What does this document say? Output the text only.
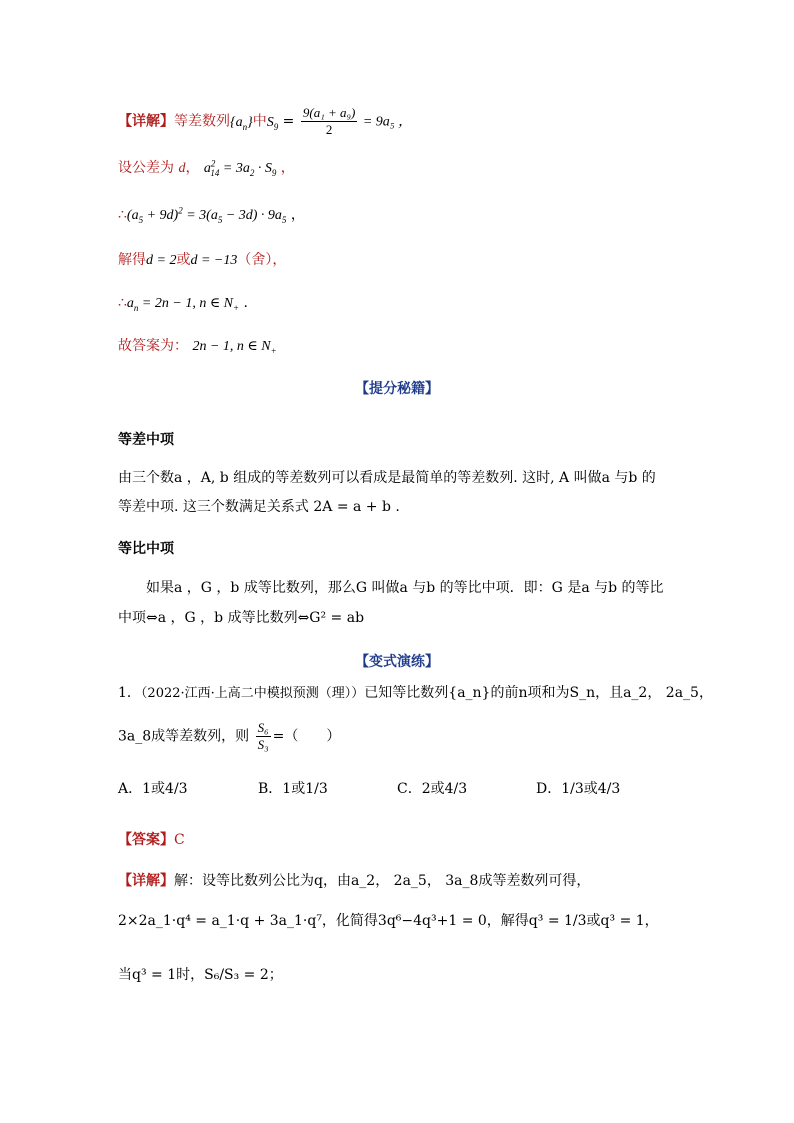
【详解】等差数列$\{a_n\}$中$S_9 = \frac{\text{9(a₁ + a₉)}}{2} = 9a_5$ ，
设公差为 d， $a^2_{14} = 3a_2 \cdot S_9$ ，
$\therefore(a_5 + 9d)^2 = 3(a_5 - 3d) \cdot 9a_5$ ，
解得d = 2或d = −13（舍），
$\therefore a_n = 2n - 1$, n ∈ $N_+$ .
故答案为： 2n − 1, n ∈ $N_+$
【提分秘籍】
等差中项
由三个数a ，A, b 组成的等差数列可以看成是最简单的等差数列. 这时, A 叫做a 与b 的
等差中项. 这三个数满足关系式 2A = a + b .
等比中项
如果a ，G ，b 成等比数列，那么G 叫做a 与b 的等比中项．即：G 是a 与b 的等比
中项⇔a ，G ，b 成等比数列⇔G² = ab
【变式演练】
1．（2022·江西·上高二中模拟预测（理））已知等比数列{a_n}的前n项和为S_n，且a_2， 2a_5，
3a_8成等差数列，则 $\frac{\text{S₆}}{\text{S₃}}$ =（　　）
A．1或4/3	B．1或1/3	C．2或4/3	D．1/3或4/3
【答案】C
【详解】解：设等比数列公比为q，由a_2， 2a_5， 3a_8成等差数列可得，
2×2a_1·q⁴ = a_1·q + 3a_1·q⁷，化简得3q⁶−4q³+1 = 0，解得q³ = 1/3或q³ = 1，
当q³ = 1时，S₆/S₃ = 2；
